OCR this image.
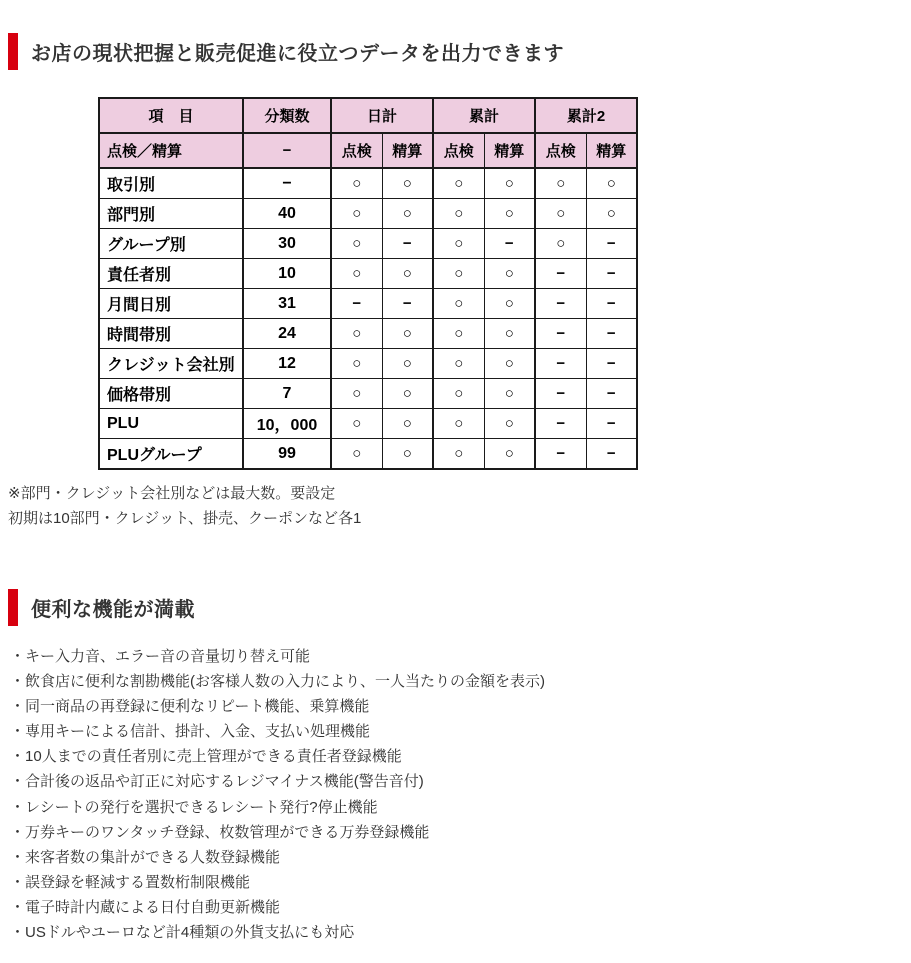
お店の現状把握と販売促進に役立つデータを出力できます
項　目	分類数	日計		累計		累計2	
点検／精算	−	点検	精算	点検	精算	点検	精算
取引別	−	○	○	○	○	○	○
部門別	40	○	○	○	○	○	○
グループ別	30	○	−	○	−	○	−
責任者別	10	○	○	○	○	−	−
月間日別	31	−	−	○	○	−	−
時間帯別	24	○	○	○	○	−	−
クレジット会社別	12	○	○	○	○	−	−
価格帯別	7	○	○	○	○	−	−
PLU	10，000	○	○	○	○	−	−
PLUグループ	99	○	○	○	○	−	−

※部門・クレジット会社別などは最大数。要設定

初期は10部門・クレジット、掛売、クーポンなど各1

便利な機能が満載
・ キー入力音、エラー音の音量切り替え可能
・ 飲食店に便利な割勘機能(お客様人数の入力により、一人当たりの金額を表示)
・ 同一商品の再登録に便利なリピート機能、乗算機能
・ 専用キーによる信計、掛計、入金、支払い処理機能
・ 10人までの責任者別に売上管理ができる責任者登録機能
・ 合計後の返品や訂正に対応するレジマイナス機能(警告音付)
・ レシートの発行を選択できるレシート発行?停止機能
・ 万券キーのワンタッチ登録、枚数管理ができる万券登録機能
・ 来客者数の集計ができる人数登録機能
・ 誤登録を軽減する置数桁制限機能
・ 電子時計内蔵による日付自動更新機能
・ USドルやユーロなど計4種類の外貨支払にも対応
